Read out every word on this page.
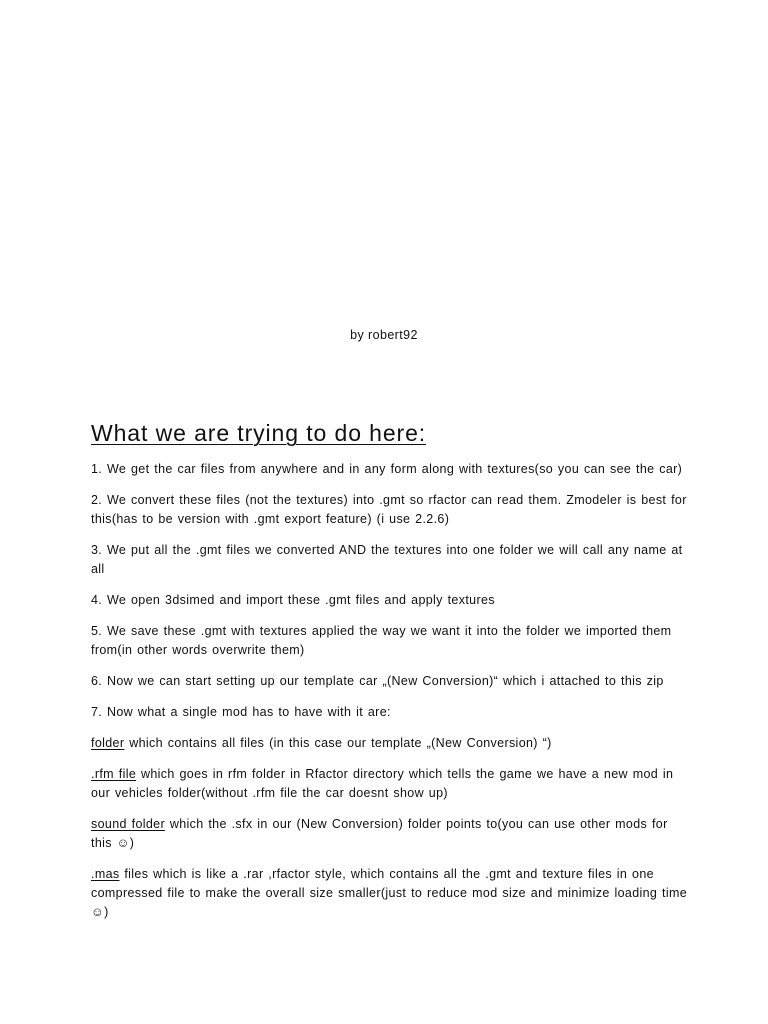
by robert92
What we are trying to do here:

1. We get the car files from anywhere and in any form along with textures(so you can see the car)

2. We convert these files (not the textures) into .gmt so rfactor can read them. Zmodeler is best for this(has to be version with .gmt export feature) (i use 2.2.6)

3. We put all the .gmt files we converted AND the textures into one folder we will call any name at all

4. We open 3dsimed and import these .gmt files and apply textures

5. We save these .gmt with textures applied the way we want it into the folder we imported them from(in other words overwrite them)

6. Now we can start setting up our template car „(New Conversion)“ which i attached to this zip

7. Now what a single mod has to have with it are:

folder which contains all files (in this case our template „(New Conversion) “)

.rfm file which goes in rfm folder in Rfactor directory which tells the game we have a new mod in our vehicles folder(without .rfm file the car doesnt show up)

sound folder which the .sfx in our (New Conversion) folder points to(you can use other mods for this ☺)

.mas files which is like a .rar ,rfactor style, which contains all the .gmt and texture files in one compressed file to make the overall size smaller(just to reduce mod size and minimize loading time☺)
